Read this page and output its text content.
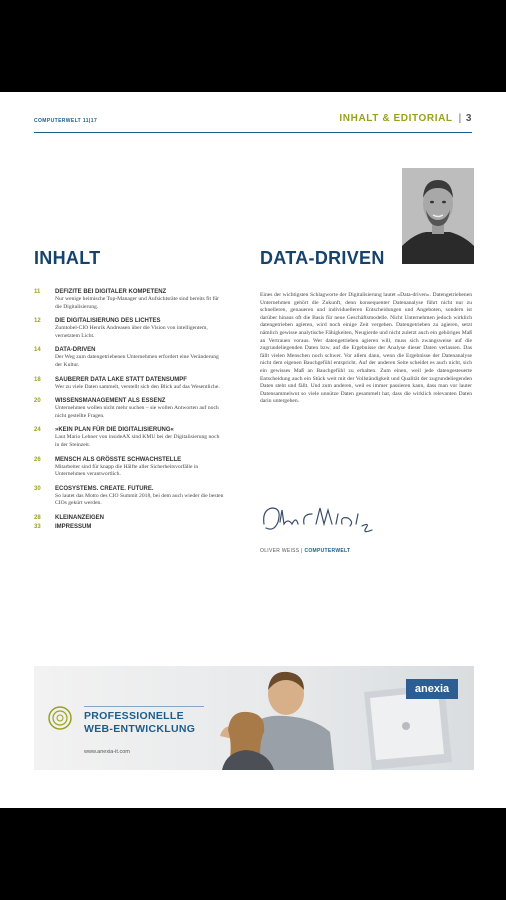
COMPUTERWELT 11|17	INHALT & EDITORIAL | 3
INHALT	DATA-DRIVEN
11	DEFIZITE BEI DIGITALER KOMPETENZ
Nur wenige heimische Top-Manager und Aufsichtsräte sind bereits fit für die Digitalisierung.
12	DIE DIGITALISIERUNG DES LICHTES
Zumtobel-CIO Henrik Andreasen über die Vision von intelligentem, vernetztem Licht.
14	DATA-DRIVEN
Der Weg zum datengetriebenen Unternehmen erfordert eine Veränderung der Kultur.
18	SAUBERER DATA LAKE STATT DATENSUMPF
Wer zu viele Daten sammelt, verstellt sich den Blick auf das Wesentliche.
20	WISSENSMANAGEMENT ALS ESSENZ
Unternehmen wollen nicht mehr suchen – sie wollen Antworten auf noch nicht gestellte Fragen.
24	»KEIN PLAN FÜR DIE DIGITALISIERUNG«
Laut Mario Lehner von insideAX sind KMU bei der Digitalisierung noch in der Steinzeit.
26	MENSCH ALS GRÖSSTE SCHWACHSTELLE
Mitarbeiter sind für knapp die Hälfte aller Sicherheitsvorfälle in Unternehmen verantwortlich.
30	ECOSYSTEMS. CREATE. FUTURE.
So lautet das Motto des CIO Summit 2018, bei dem auch wieder die besten CIOs gekürt werden.
28	KLEINANZEIGEN
33	IMPRESSUM
Eines der wichtigsten Schlagworte der Digitalisierung lautet »Data-driven«. Datengetriebenen Unternehmen gehört die Zukunft, denn konsequenter Datenanalyse führt nicht nur zu schnelleren, genaueren und individuelleren Entscheidungen und Angeboten, sondern ist darüber hinaus oft die Basis für neue Geschäftsmodelle. Nicht Unternehmen jedoch wirklich datengetrieben agieren, wird noch einige Zeit vergehen. Datengetrieben zu agieren, setzt nämlich gewisse analytische Fähigkeiten, Neugierde und nicht zuletzt auch ein gehöriges Maß an Vertrauen voraus. Wer datengetrieben agieren will, muss sich zwangsweise auf die zugrundeliegenden Daten bzw. auf die Ergebnisse der Analyse dieser Daten verlassen. Das fällt vielen Menschen noch schwer. Vor allem dann, wenn die Ergebnisse der Datenanalyse nicht dem eigenen Bauchgefühl entspricht. Auf der anderen Seite scheidet es auch nicht, sich ein gewisses Maß an Bauchgefühl zu erhalten. Zum einen, weil jede datengesteuerte Entscheidung auch ein Stück weit mit der Vollständigkeit und Qualität der zugrundeliegenden Daten steht und fällt. Und zum anderen, weil es immer passieren kann, dass man vor lauter Datensammelwut so viele unnütze Daten gesammelt hat, dass die wirklich relevanten Daten darin untergehen.
OLIVER WEISS | COMPUTERWELT
anexia
PROFESSIONELLE
WEB-ENTWICKLUNG
www.anexia-it.com
